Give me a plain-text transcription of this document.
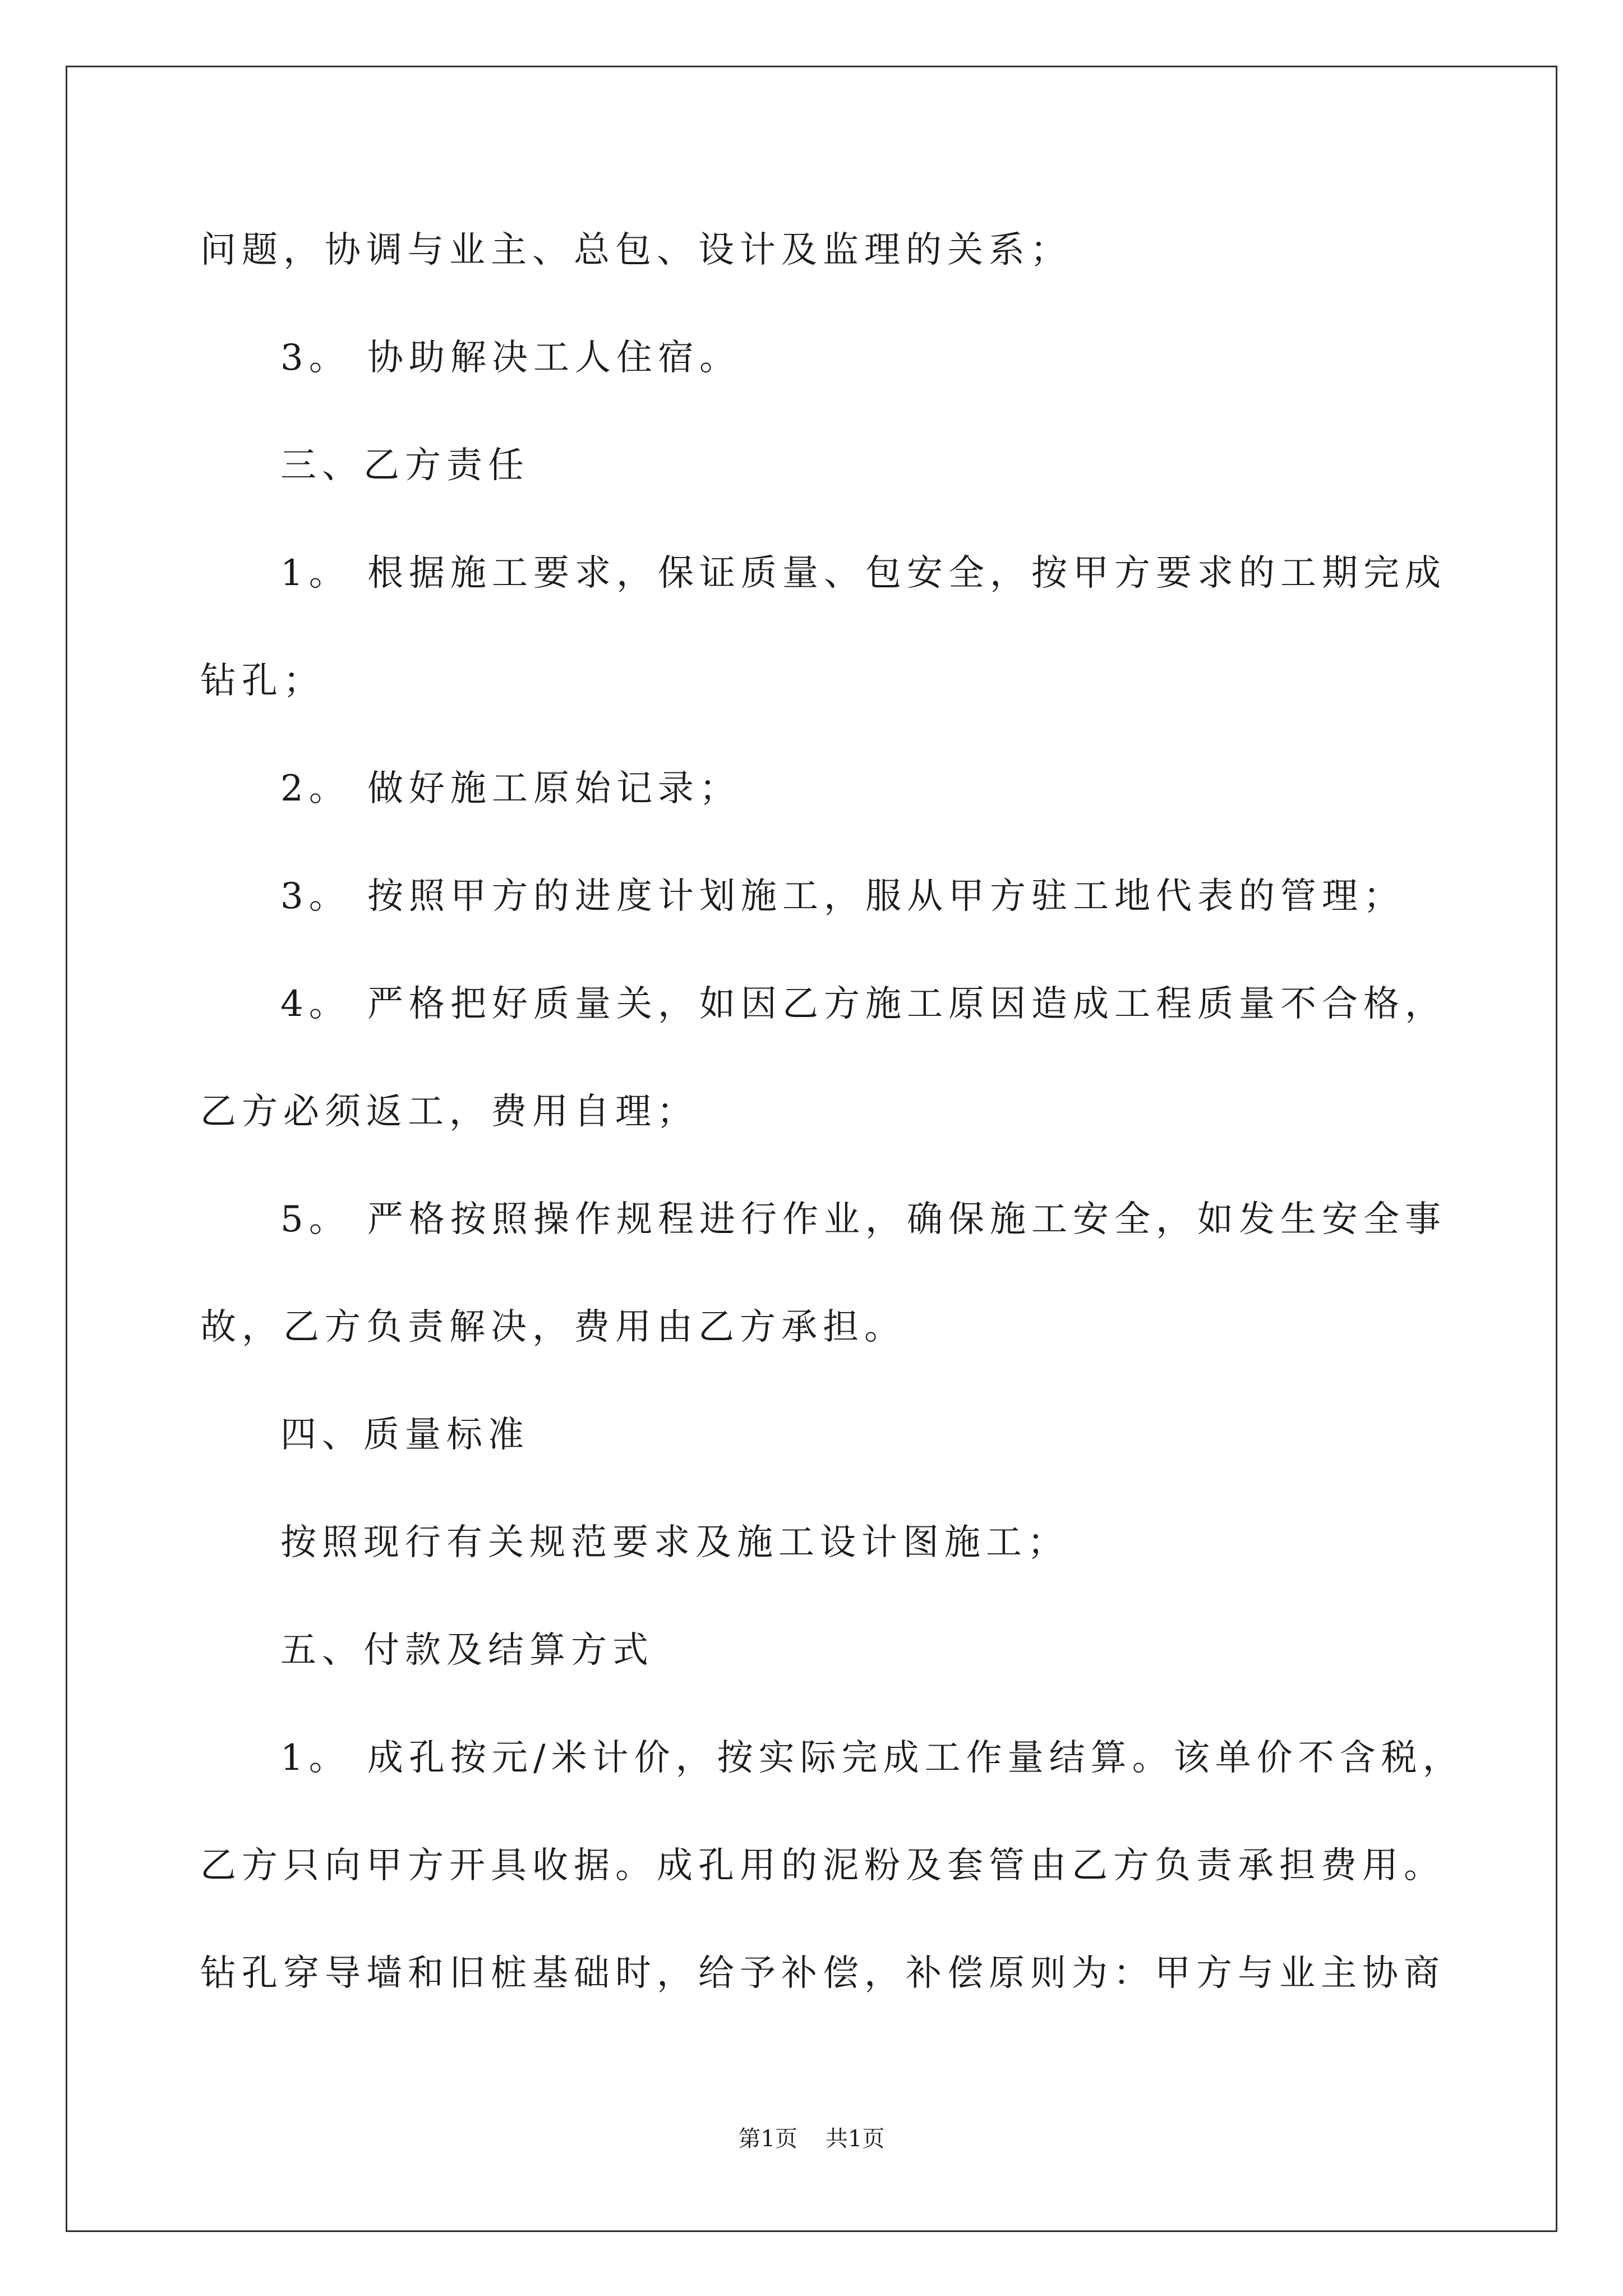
问题，协调与业主、总包、设计及监理的关系；

3。 协助解决工人住宿。

三、乙方责任

1。 根据施工要求，保证质量、包安全，按甲方要求的工期完成

钻孔；

2。 做好施工原始记录；

3。 按照甲方的进度计划施工，服从甲方驻工地代表的管理；

4。 严格把好质量关，如因乙方施工原因造成工程质量不合格，

乙方必须返工，费用自理；

5。 严格按照操作规程进行作业，确保施工安全，如发生安全事

故，乙方负责解决，费用由乙方承担。

四、质量标准

按照现行有关规范要求及施工设计图施工；

五、付款及结算方式

1。 成孔按元/米计价，按实际完成工作量结算。该单价不含税，

乙方只向甲方开具收据。成孔用的泥粉及套管由乙方负责承担费用。

钻孔穿导墙和旧桩基础时，给予补偿，补偿原则为：甲方与业主协商

第1页 共1页
